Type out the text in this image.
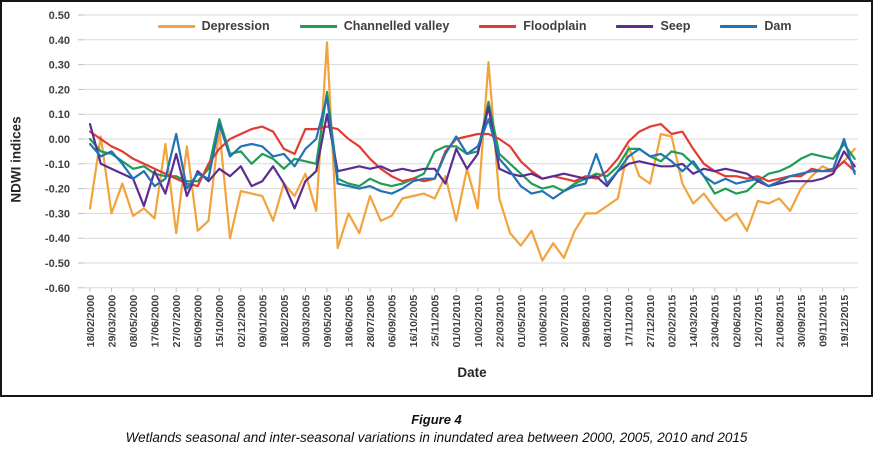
0.50
0.40
0.30
0.20
0.10
0.00
-0.10
-0.20
-0.30
-0.40
-0.50
-0.60
18/02/2000 29/03/2000 08/05/2000 17/06/2000 27/07/2000 05/09/2000 15/10/2000 02/12/2000 09/01/2005 18/02/2005 30/03/2005 09/05/2005 18/06/2005 28/07/2005 06/09/2005 16/10/2005 25/11/2005 01/01/2010 10/02/2010 22/03/2010 01/05/2010 10/06/2010 20/07/2010 29/08/2010 08/10/2010 17/11/2010 27/12/2010 02/02/2015 14/03/2015 23/04/2015 02/06/2015 12/07/2015 21/08/2015 30/09/2015 09/11/2015 19/12/2015
Depression	Channelled valley	Floodplain	Seep	Dam
NDWI indices
Date
Figure 4
Wetlands seasonal and inter-seasonal variations in inundated area between 2000, 2005, 2010 and 2015
